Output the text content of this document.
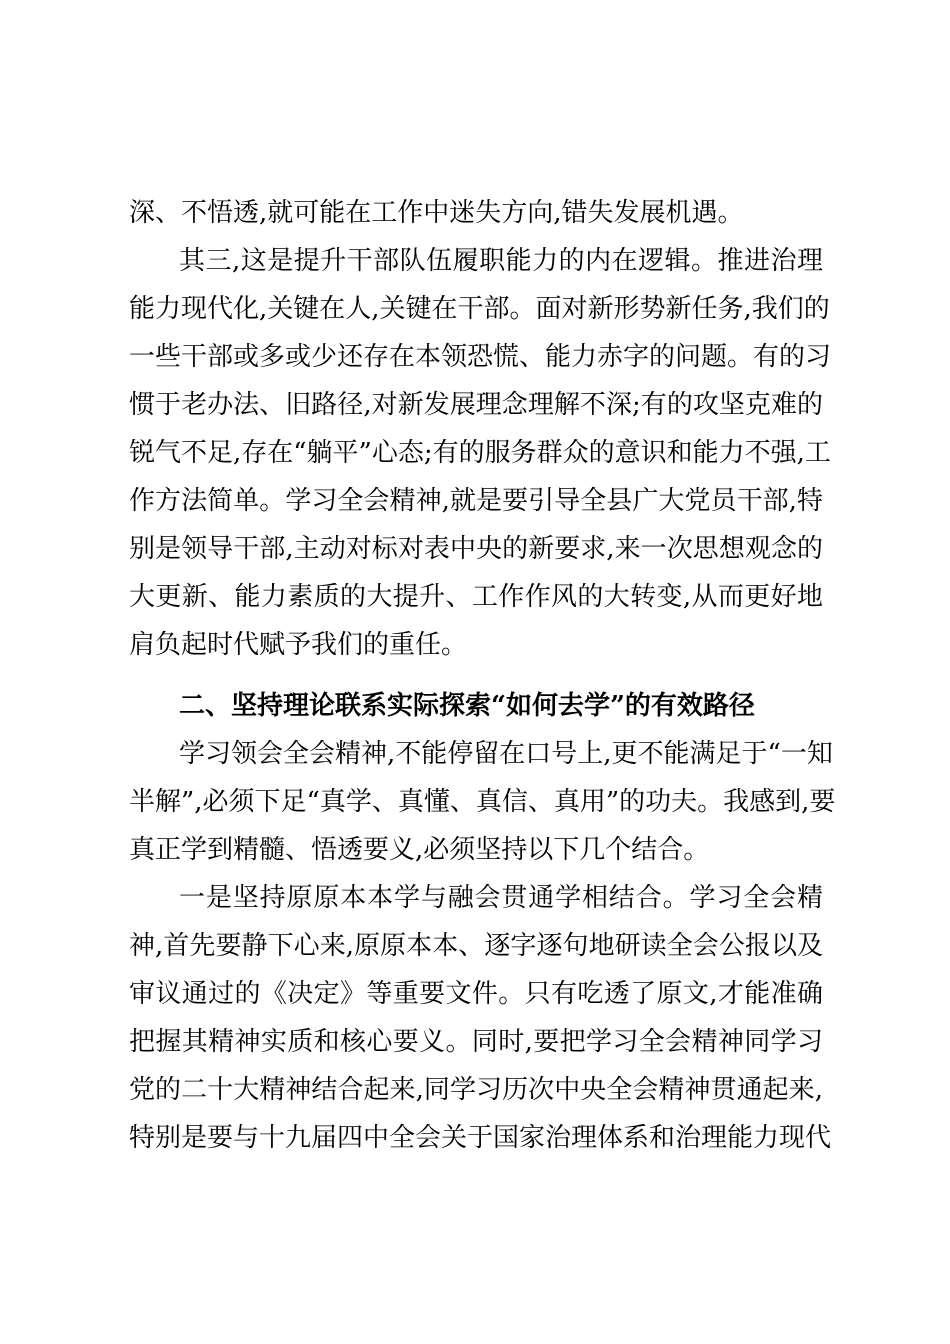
深、不悟透,就可能在工作中迷失方向,错失发展机遇。
其三,这是提升干部队伍履职能力的内在逻辑。推进治理
能力现代化,关键在人,关键在干部。面对新形势新任务,我们的
一些干部或多或少还存在本领恐慌、能力赤字的问题。有的习
惯于老办法、旧路径,对新发展理念理解不深;有的攻坚克难的
锐气不足,存在“躺平”心态;有的服务群众的意识和能力不强,工
作方法简单。学习全会精神,就是要引导全县广大党员干部,特
别是领导干部,主动对标对表中央的新要求,来一次思想观念的
大更新、能力素质的大提升、工作作风的大转变,从而更好地
肩负起时代赋予我们的重任。
二、坚持理论联系实际探索“如何去学”的有效路径
学习领会全会精神,不能停留在口号上,更不能满足于“一知
半解”,必须下足“真学、真懂、真信、真用”的功夫。我感到,要
真正学到精髓、悟透要义,必须坚持以下几个结合。
一是坚持原原本本学与融会贯通学相结合。学习全会精
神,首先要静下心来,原原本本、逐字逐句地研读全会公报以及
审议通过的《决定》等重要文件。只有吃透了原文,才能准确
把握其精神实质和核心要义。同时,要把学习全会精神同学习
党的二十大精神结合起来,同学习历次中央全会精神贯通起来,
特别是要与十九届四中全会关于国家治理体系和治理能力现代
